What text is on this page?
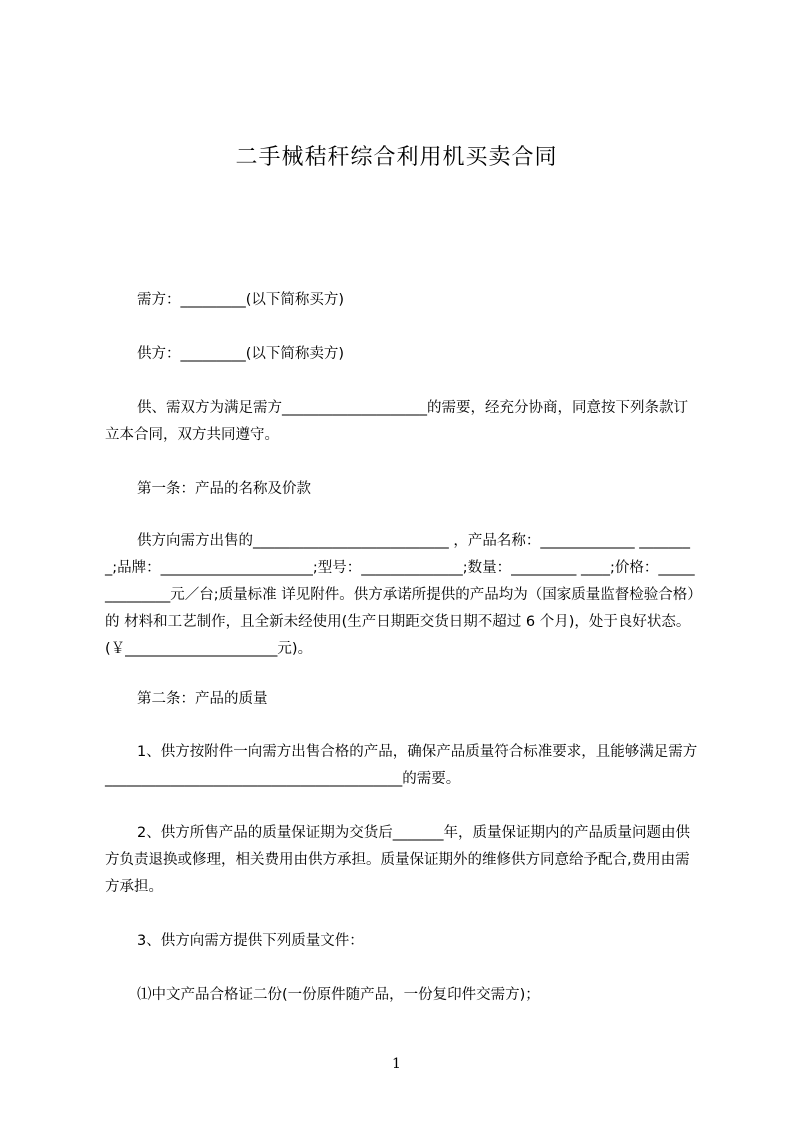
二手械秸秆综合利用机买卖合同
需方：_________(以下简称买方)
供方：_________(以下简称卖方)
供、需双方为满足需方____________________的需要，经充分协商，同意按下列条款订立本合同，双方共同遵守。
第一条：产品的名称及价款
供方向需方出售的___________________________ ，产品名称：_____________ ________;品牌：_____________________;型号：______________;数量：_________ ____;价格：______________元／台;质量标准 详见附件。供方承诺所提供的产品均为（国家质量监督检验合格）的 材料和工艺制作，且全新未经使用(生产日期距交货日期不超过 6 个月)，处于良好状态。(￥_____________________元)。
第二条：产品的质量
1、供方按附件一向需方出售合格的产品，确保产品质量符合标准要求，且能够满足需方_________________________________________的需要。
2、供方所售产品的质量保证期为交货后_______年，质量保证期内的产品质量问题由供方负责退换或修理，相关费用由供方承担。质量保证期外的维修供方同意给予配合,费用由需方承担。
3、供方向需方提供下列质量文件：
⑴中文产品合格证二份(一份原件随产品，一份复印件交需方)；
1
